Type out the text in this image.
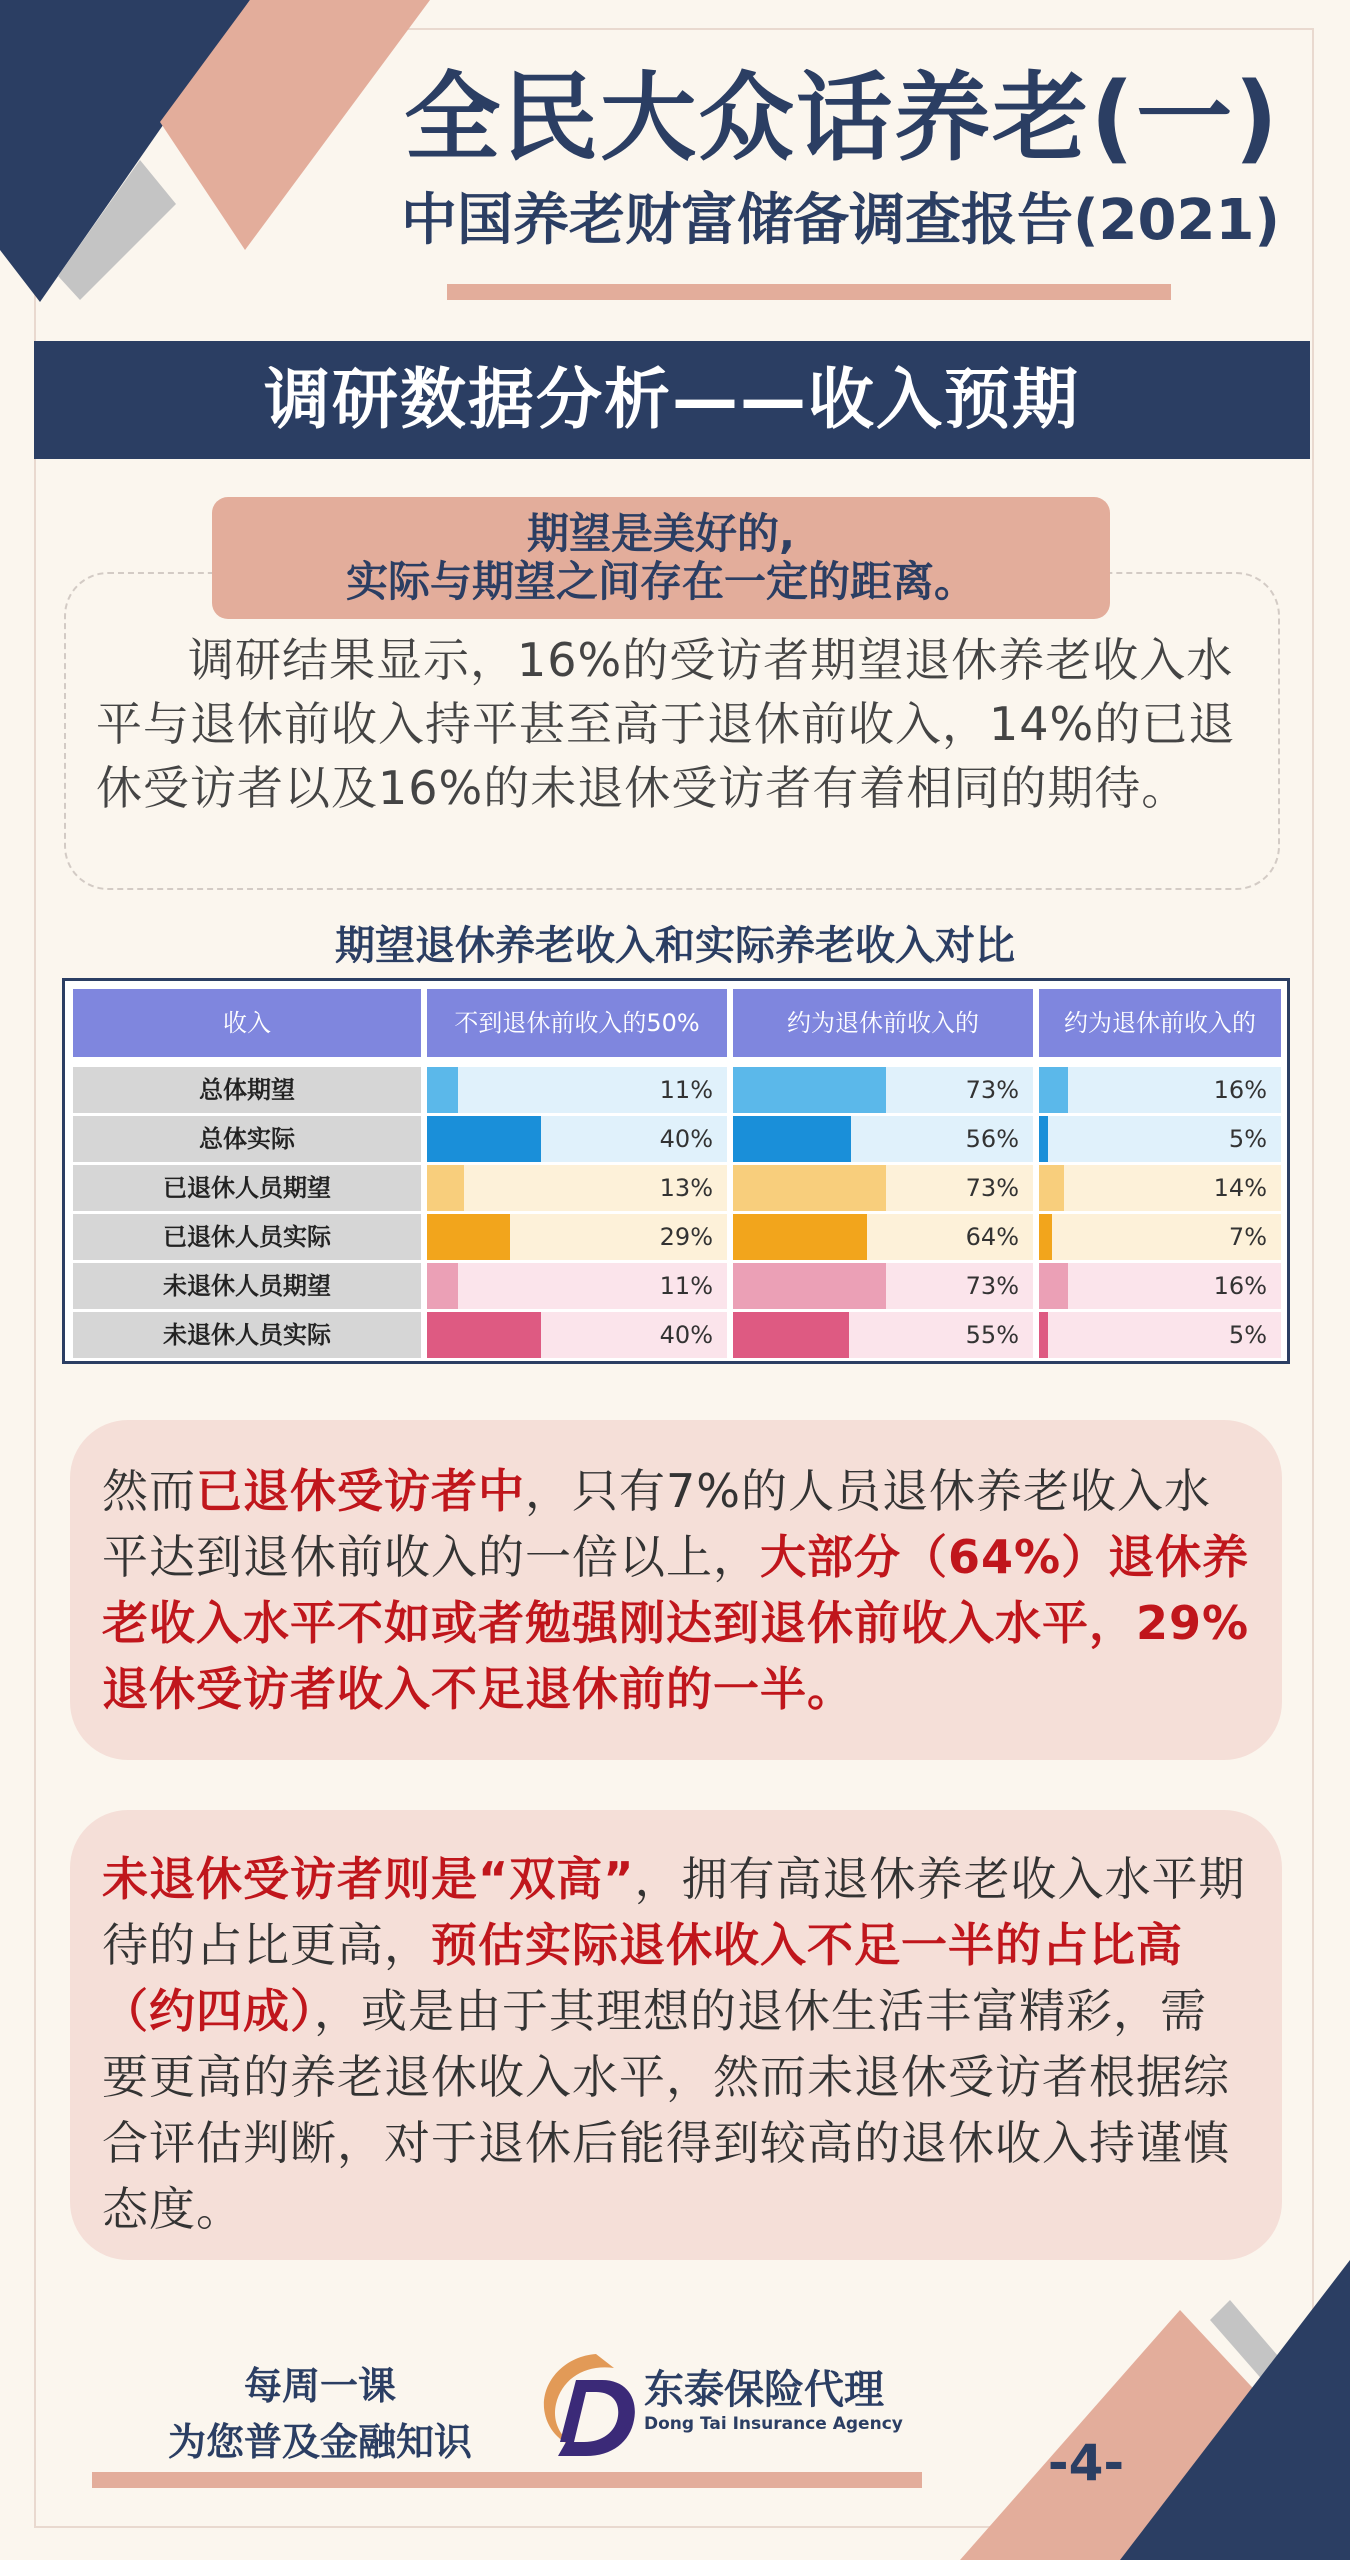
全民大众话养老(一)
中国养老财富储备调查报告(2021)
调研数据分析——收入预期
期望是美好的,
实际与期望之间存在一定的距离。
调研结果显示，16%的受访者期望退休养老收入水平与退休前收入持平甚至高于退休前收入，14%的已退休受访者以及16%的未退休受访者有着相同的期待。
期望退休养老收入和实际养老收入对比
收入	不到退休前收入的50%	约为退休前收入的	约为退休前收入的
总体期望	11%	73%	16%
总体实际	40%	56%	5%
已退休人员期望	13%	73%	14%
已退休人员实际	29%	64%	7%
未退休人员期望	11%	73%	16%
未退休人员实际	40%	55%	5%
然而已退休受访者中，只有7%的人员退休养老收入水平达到退休前收入的一倍以上，大部分（64%）退休养老收入水平不如或者勉强刚达到退休前收入水平，29%退休受访者收入不足退休前的一半。
未退休受访者则是“双高”，拥有高退休养老收入水平期待的占比更高，预估实际退休收入不足一半的占比高（约四成），或是由于其理想的退休生活丰富精彩，需要更高的养老退休收入水平，然而未退休受访者根据综合评估判断，对于退休后能得到较高的退休收入持谨慎态度。
每周一课
为您普及金融知识
东泰保险代理
Dong Tai Insurance Agency
-4-
